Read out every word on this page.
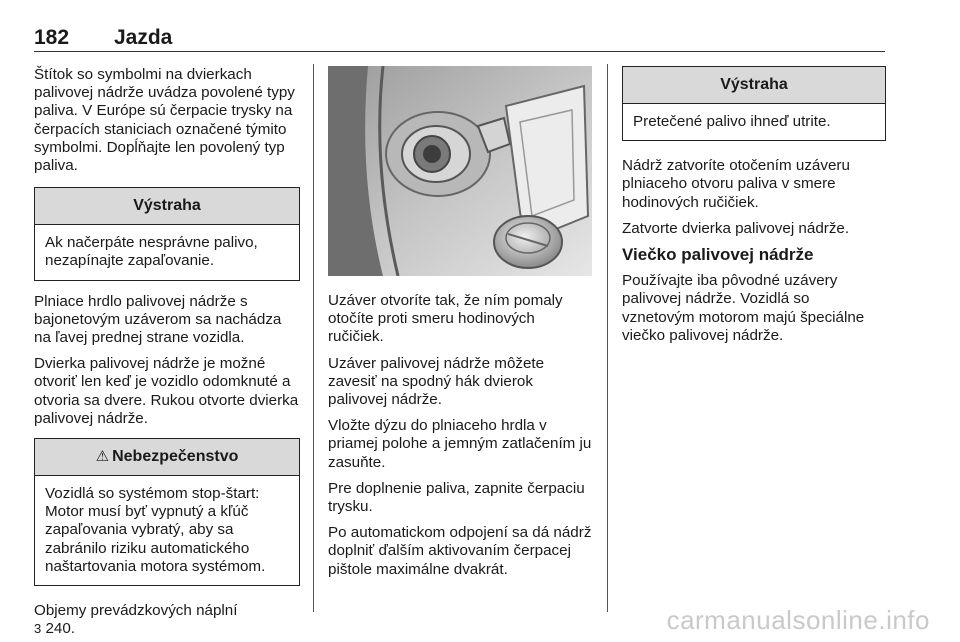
182 Jazda

Štítok so symbolmi na dvierkach palivovej nádrže uvádza povolené typy paliva. V Európe sú čerpacie trysky na čerpacích staniciach označené týmito symbolmi. Dopĺňajte len povolený typ paliva.

Výstraha
Ak načerpáte nesprávne palivo, nezapínajte zapaľovanie.

Plniace hrdlo palivovej nádrže s bajonetovým uzáverom sa nachádza na ľavej prednej strane vozidla.

Dvierka palivovej nádrže je možné otvoriť len keď je vozidlo odomknuté a otvoria sa dvere. Rukou otvorte dvierka palivovej nádrže.

⚠ Nebezpečenstvo
Vozidlá so systémom stop-štart: Motor musí byť vypnutý a kľúč zapaľovania vybratý, aby sa zabránilo riziku automatického naštartovania motora systémom.

Objemy prevádzkových náplní
3 240.

Uzáver otvoríte tak, že ním pomaly otočíte proti smeru hodinových ručičiek.

Uzáver palivovej nádrže môžete zavesiť na spodný hák dvierok palivovej nádrže.

Vložte dýzu do plniaceho hrdla v priamej polohe a jemným zatlačením ju zasuňte.

Pre doplnenie paliva, zapnite čerpaciu trysku.

Po automatickom odpojení sa dá nádrž doplniť ďalším aktivovaním čerpacej pištole maximálne dvakrát.

Výstraha
Pretečené palivo ihneď utrite.

Nádrž zatvoríte otočením uzáveru plniaceho otvoru paliva v smere hodinových ručičiek.

Zatvorte dvierka palivovej nádrže.

Viečko palivovej nádrže

Používajte iba pôvodné uzávery palivovej nádrže. Vozidlá so vznetovým motorom majú špeciálne viečko palivovej nádrže.

carmanualsonline.info
